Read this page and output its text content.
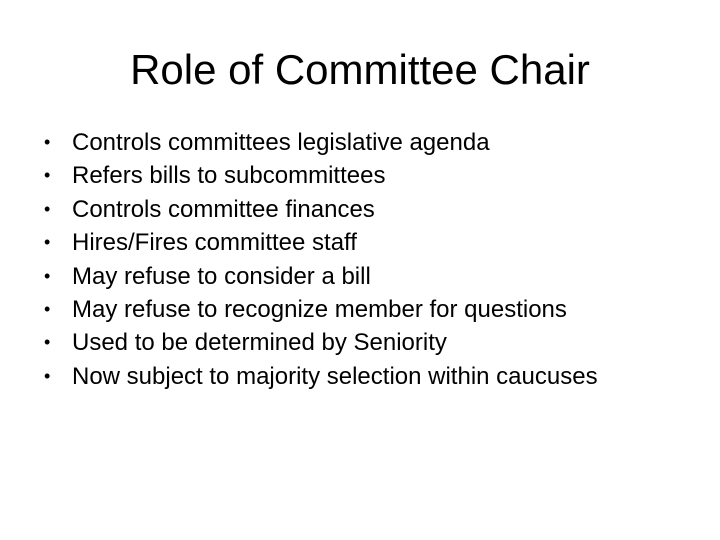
Role of Committee Chair
• Controls committees legislative agenda
• Refers bills to subcommittees
• Controls committee finances
• Hires/Fires committee staff
• May refuse to consider a bill
• May refuse to recognize member for questions
• Used to be determined by Seniority
• Now subject to majority selection within caucuses
